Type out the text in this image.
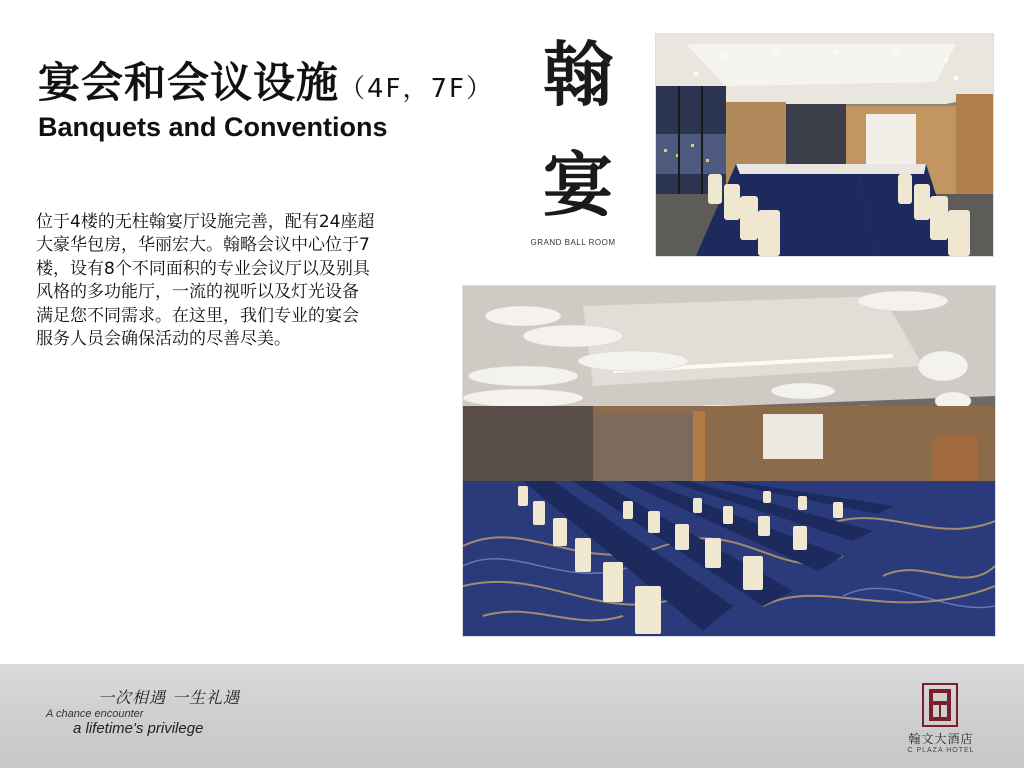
宴会和会议设施（4F，7F）
Banquets and Conventions
位于4楼的无柱翰宴厅设施完善，配有24座超
大豪华包房，华丽宏大。翰略会议中心位于7
楼，设有8个不同面积的专业会议厅以及别具
风格的多功能厅，一流的视听以及灯光设备
满足您不同需求。在这里，我们专业的宴会
服务人员会确保活动的尽善尽美。
翰
宴
GRAND BALL ROOM
一次相遇 一生礼遇
A chance encounter
a lifetime's privilege
翰文大酒店
C PLAZA HOTEL
